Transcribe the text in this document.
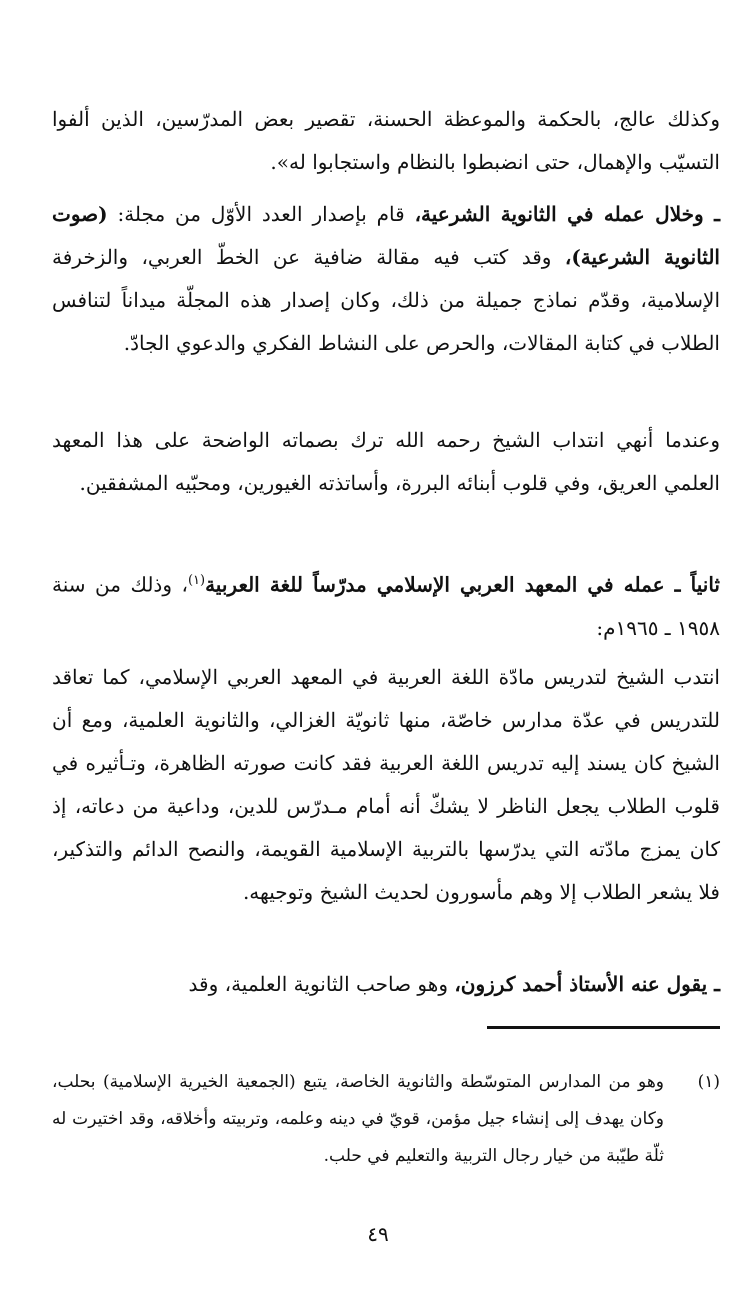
وكذلك عالج، بالحكمة والموعظة الحسنة، تقصير بعض المدرّسين، الذين ألفوا التسيّب والإهمال، حتى انضبطوا بالنظام واستجابوا له».

ـ وخلال عمله في الثانوية الشرعية، قام بإصدار العدد الأوّل من مجلة: (صوت الثانوية الشرعية)، وقد كتب فيه مقالة ضافية عن الخطّ العربي، والزخرفة الإسلامية، وقدّم نماذج جميلة من ذلك، وكان إصدار هذه المجلّة ميداناً لتنافس الطلاب في كتابة المقالات، والحرص على النشاط الفكري والدعوي الجادّ.

وعندما أنهي انتداب الشيخ رحمه الله ترك بصماته الواضحة على هذا المعهد العلمي العريق، وفي قلوب أبنائه البررة، وأساتذته الغيورين، ومحبّيه المشفقين.

ثانياً ـ عمله في المعهد العربي الإسلامي مدرّساً للغة العربية$^{(١)}$، وذلك من سنة ١٩٥٨ ـ ١٩٦٥م:

انتدب الشيخ لتدريس مادّة اللغة العربية في المعهد العربي الإسلامي، كما تعاقد للتدريس في عدّة مدارس خاصّة، منها ثانويّة الغزالي، والثانوية العلمية، ومع أن الشيخ كان يسند إليه تدريس اللغة العربية فقد كانت صورته الظاهرة، وتـأثيره في قلوب الطلاب يجعل الناظر لا يشكّ أنه أمام مـدرّس للدين، وداعية من دعاته، إذ كان يمزج مادّته التي يدرّسها بالتربية الإسلامية القويمة، والنصح الدائم والتذكير، فلا يشعر الطلاب إلا وهم مأسورون لحديث الشيخ وتوجيهه.

ـ يقول عنه الأستاذ أحمد كرزون، وهو صاحب الثانوية العلمية، وقد

(١)
وهو من المدارس المتوسّطة والثانوية الخاصة، يتبع (الجمعية الخيرية الإسلامية) بحلب، وكان يهدف إلى إنشاء جيل مؤمن، قويّ في دينه وعلمه، وتربيته وأخلاقه، وقد اختيرت له ثلّة طيّبة من خيار رجال التربية والتعليم في حلب.
٤٩
